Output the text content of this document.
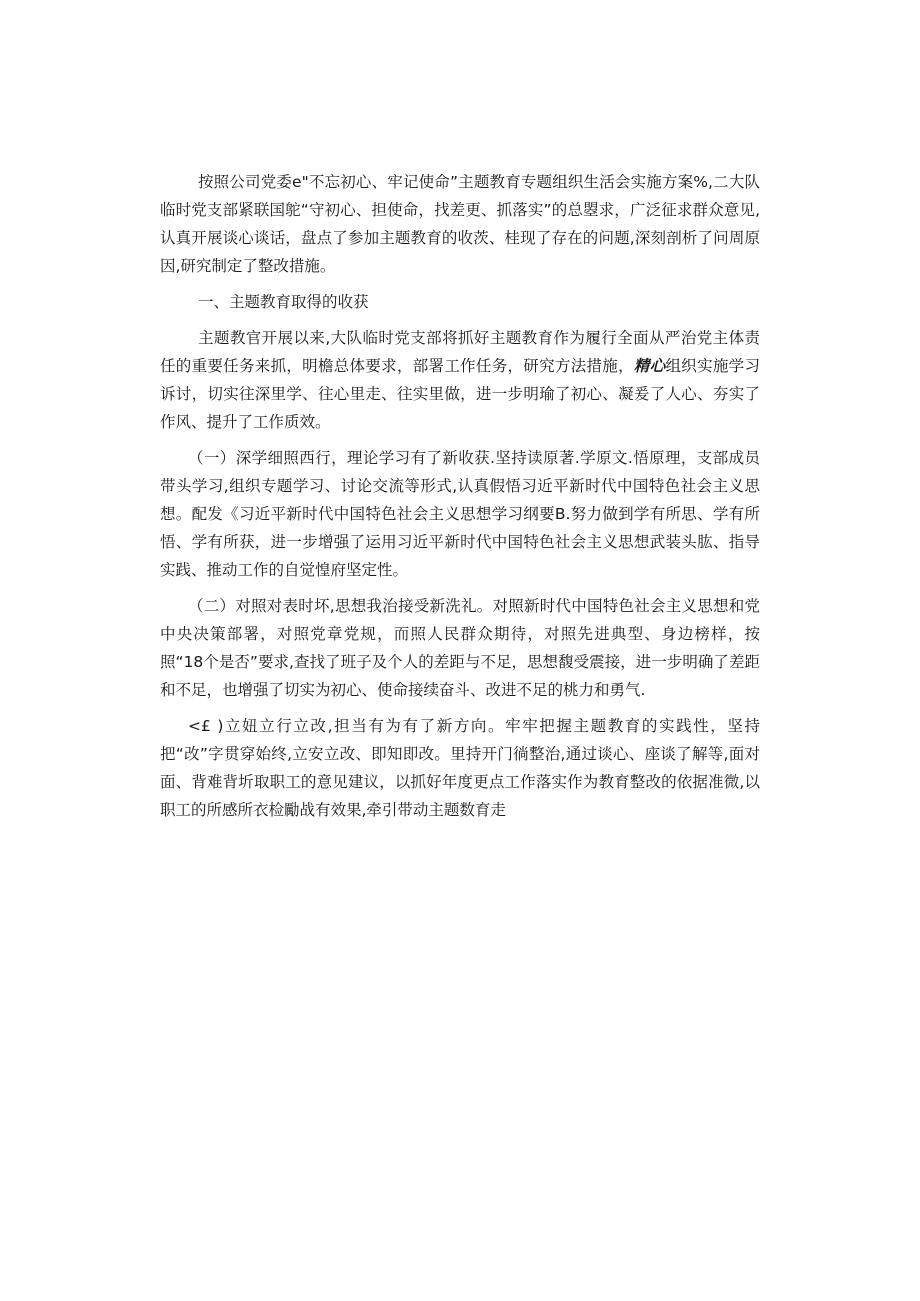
按照公司党委e"不忘初心、牢记使命”主题教育专题组织生活会实施方案%,二大队临时党支部紧联国鸵“守初心、担使命，找差更、抓落实”的总曌求，广泛征求群众意见,认真开展谈心谈话，盘点了参加主题教育的收茨、桂现了存在的问题,深刻剖析了问周原因,研究制定了整改措施。

一、主题教育取得的收获

主题教官开展以来,大队临时党支部将抓好主题教育作为履行全面从严治党主体责任的重要任务来抓，明檐总体要求，部署工作任务，研究方法措施，精心组织实施学习诉讨，切实往深里学、往心里走、往实里做，进一步明瑜了初心、凝爰了人心、夯实了作风、提升了工作质效。

（一）深学细照西行，理论学习有了新收获.坚持读原著.学原文.悟原理，支部成员带头学习,组织专题学习、讨论交流等形式,认真假悟习近平新时代中国特色社会主义思想。配发《习近平新时代中国特色社会主义思想学习纲要B.努力做到学有所思、学有所悟、学有所获，进一步增强了运用习近平新时代中国特色社会主义思想武装头肱、指导实践、推动工作的自觉惶府坚定性。

（二）对照对表时坏,思想我治接受新洗礼。对照新时代中国特色社会主义思想和党中央决策部署，对照党章党规，而照人民群众期待，对照先进典型、身边榜样，按照“18个是否”要求,查找了班子及个人的差距与不足，思想馥受震接，进一步明确了差距和不足，也增强了切实为初心、使命接续奋斗、改进不足的桃力和勇气.

<£ )立妞立行立改,担当有为有了新方向。牢牢把握主题教育的实践性，坚持把“改”字贯穿始终,立安立改、即知即改。里持开门徜整治,通过谈心、座谈了解等,面对面、背难背圻取职工的意见建议，以抓好年度更点工作落实作为教育整改的依据准微,以职工的所感所衣检勵战有效果,牵引带动主题数育走
